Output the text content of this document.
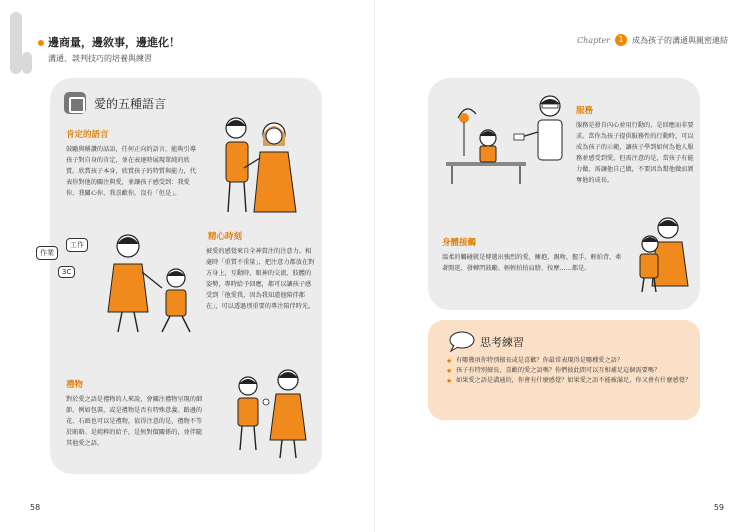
邊商量，邊敘事，邊進化！
溝通、談判技巧的培養與練習
愛的五種語言
肯定的語言
鼓勵與稱讚的話語，任何正向的語言，能夠引導孩子對自身的肯定，並在表達時展現單純的欣賞。欣賞孩子本身，欣賞孩子的特質與能力，代表你對他的關注與愛，並讓孩子感受到：我愛你、我關心你、我喜歡你，沒有「但是」。
作業
工作
3C
精心時刻
被愛的感覺來自全神貫注的注意力。相處時「重質不重量」，把注意力都放在對方身上，互動時，眼神的交流、肢體的姿勢，專時給予回應，都可以讓孩子感受到「他愛我，因為我知道他陪伴都在」，可以透過別重要的專注陪伴時光。
禮物
對於愛之語是禮物的人來說，會關注禮物呈現的細節，例如包裝，或是禮物是否有特殊意義。路邊的花、石頭也可以是禮物，值得注意的是，禮物不等於賄賂。是純粹的給予，是無對價關係的，並伴隨其他愛之語。
58
Chapter	1	成為孩子的溝通與親密連結
服務
服務是發自內心並用行動的，是回應而非要求。當你為孩子提供服務性的行動時，可以成為孩子的示範，讓孩子學到如何為他人服務並感受到愛。但需注意的是，當孩子有能力做、需讓他自己做，不要因為幫他做而剝奪他的成長。
身體接觸
溫柔的觸碰就是傳遞出強烈的愛，擁抱、親吻、握手、輕拍背、牽著閒逛、發轉閃鼓勵、輕輕拍拍肩膀、按摩……都是。
思考練習
★ 有哪幾項你特別擅長或是喜歡？你最常表現得是哪種愛之語？
★ 孩子有特別擅長、喜歡的愛之語嗎？你們彼此間可以互相補足這個需要嗎？
★ 如果愛之語是溝通的，你會有什麼感覺？如果愛之語不能被滿足，你又會有什麼感覺？
59
